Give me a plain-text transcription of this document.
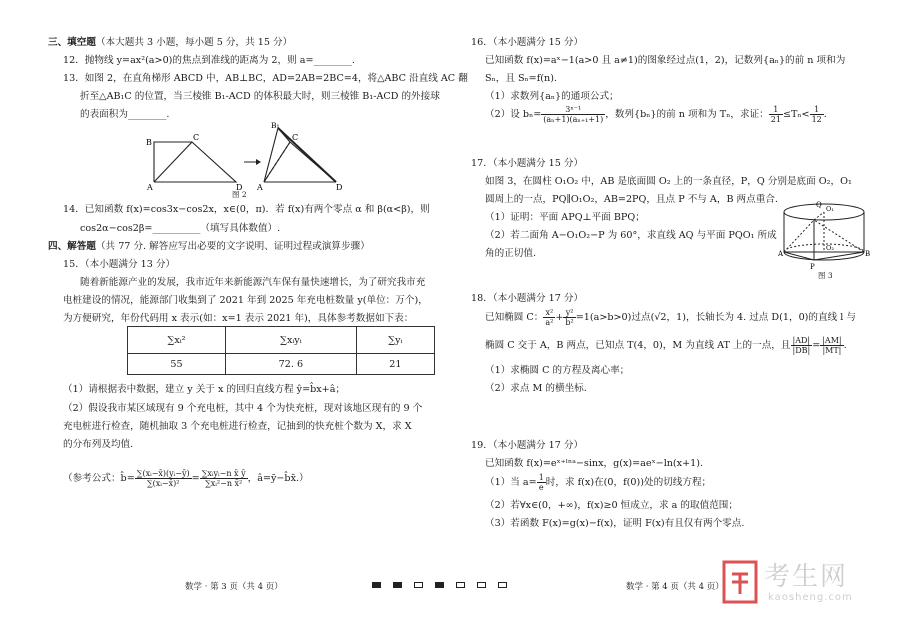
三、填空题（本大题共 3 小题，每小题 5 分，共 15 分）
12．抛物线 y=ax²(a>0)的焦点到准线的距离为 2，则 a=________.
13．如图 2，在直角梯形 ABCD 中，AB⊥BC，AD=2AB=2BC=4，将△ABC 沿直线 AC 翻
折至△AB₁C 的位置，当三棱锥 B₁-ACD 的体积最大时，则三棱锥 B₁-ACD 的外接球
的表面积为________.
B
C
A	D
B₁
C
A	D
图 2
14．已知函数 f(x)=cos3x−cos2x，x∈(0，π)．若 f(x)有两个零点 α 和 β(α<β)，则
cos2α−cos2β=__________（填写具体数值）.
四、解答题（共 77 分. 解答应写出必要的文字说明、证明过程或演算步骤）
15．（本小题满分 13 分）
随着新能源产业的发展，我市近年来新能源汽车保有量快速增长，为了研究我市充
电桩建设的情况，能源部门收集到了 2021 年到 2025 年充电桩数量 y(单位：万个)，
为方便研究，年份代码用 x 表示(如：x=1 表示 2021 年)，具体参考数据如下表：
∑xᵢ²	∑xᵢyᵢ	∑yᵢ
55	72. 6	21
（1）请根据表中数据，建立 y 关于 x 的回归直线方程 ŷ=b̂x+â；
（2）假设我市某区域现有 9 个充电桩，其中 4 个为快充桩，现对该地区现有的 9 个
充电桩进行检查，随机抽取 3 个充电桩进行检查，记抽到的快充桩个数为 X，求 X
的分布列及均值.
（参考公式：b̂= $\frac{\text{∑(xᵢ−x̄)(yᵢ−ȳ)}}{\text{∑(xᵢ−x̄)²}} = \frac{\text{∑xᵢyᵢ−n x̄ ȳ}}{\text{∑xᵢ²−n x̄²}}$ ，â=ȳ−b̂x̄.）
数学 · 第 3 页（共 4 页）
16．（本小题满分 15 分）
已知函数 f(x)=aˣ−1(a>0 且 a≠1)的图象经过点(1，2)，记数列{aₙ}的前 n 项和为
Sₙ，且 Sₙ=f(n).
（1）求数列{aₙ}的通项公式；
（2）设 $b_n= \frac{\text{3ⁿ⁻¹}}{\text{(aₙ+1)(aₙ₊₁+1)}}$ ，数列{bₙ}的前 n 项和为 Tₙ，求证： $\frac{1}{21} \le T_n< \frac{1}{12}$ .
17．（本小题满分 15 分）
如图 3，在圆柱 O₁O₂ 中，AB 是底面圆 O₂ 上的一条直径，P，Q 分别是底面 O₂，O₁
圆周上的一点，PQ∥O₁O₂，AB=2PQ，且点 P 不与 A，B 两点重合.
（1）证明：平面 APQ⊥平面 BPQ；
（2）若二面角 A−O₁O₂−P 为 60°，求直线 AQ 与平面 PQO₁ 所成
角的正切值.
Q O₁
O₂
A	B
P
图 3
18．（本小题满分 17 分）
已知椭圆 C： $\frac{\text{x²}}{\text{a²}} + \frac{\text{y²}}{\text{b²}} =1(a>b>0)$过点(√2，1)，长轴长为 4. 过点 D(1，0)的直线 l 与
椭圆 C 交于 A，B 两点，已知点 T(4，0)，M 为直线 AT 上的一点，且 $\frac{|AD|}{|DB|} = \frac{|AM|}{|MT|}$ .
（1）求椭圆 C 的方程及离心率；
（2）求点 M 的横坐标.
19．（本小题满分 17 分）
已知函数 f(x)=eˣ⁺ˡⁿᵃ−sinx，g(x)=aeˣ−ln(x+1).
（1）当 $a= \frac{1}{e}$ 时，求 f(x)在(0，f(0))处的切线方程；
（2）若∀x∈(0，+∞)，f(x)≥0 恒成立，求 a 的取值范围；
（3）若函数 F(x)=g(x)−f(x)，证明 F(x)有且仅有两个零点.
数学 · 第 4 页（共 4 页） 考生网
kaosheng.com
